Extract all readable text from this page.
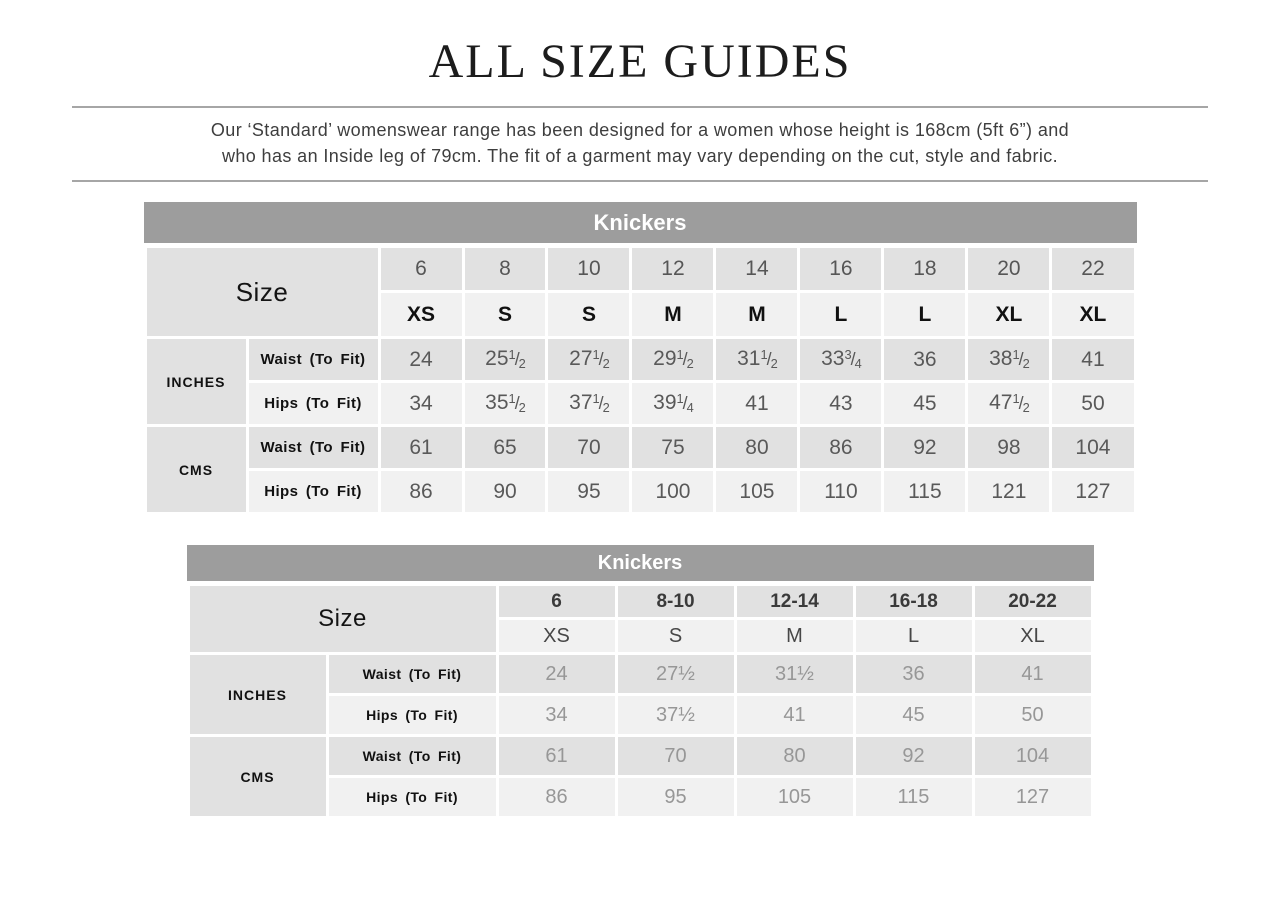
ALL SIZE GUIDES
Our ‘Standard’ womenswear range has been designed for a women whose height is 168cm (5ft 6”) and
who has an Inside leg of 79cm. The fit of a garment may vary depending on the cut, style and fabric.
Knickers
Size		6	8	10	12	14	16	18	20	22
		XS	S	S	M	M	L	L	XL	XL
INCHES	Waist (To Fit)	24	$25^1/_2$	$27^1/_2$	$29^1/_2$	$31^1/_2$	$33^3/_4$	36	$38^1/_2$	41
	Hips (To Fit)	34	$35^1/_2$	$37^1/_2$	$39^1/_4$	41	43	45	$47^1/_2$	50
CMS	Waist (To Fit)	61	65	70	75	80	86	92	98	104
	Hips (To Fit)	86	90	95	100	105	110	115	121	127
Knickers
Size		6	8-10	12-14	16-18	20-22
		XS	S	M	L	XL
INCHES	Waist (To Fit)	24	27½	31½	36	41
	Hips (To Fit)	34	37½	41	45	50
CMS	Waist (To Fit)	61	70	80	92	104
	Hips (To Fit)	86	95	105	115	127
